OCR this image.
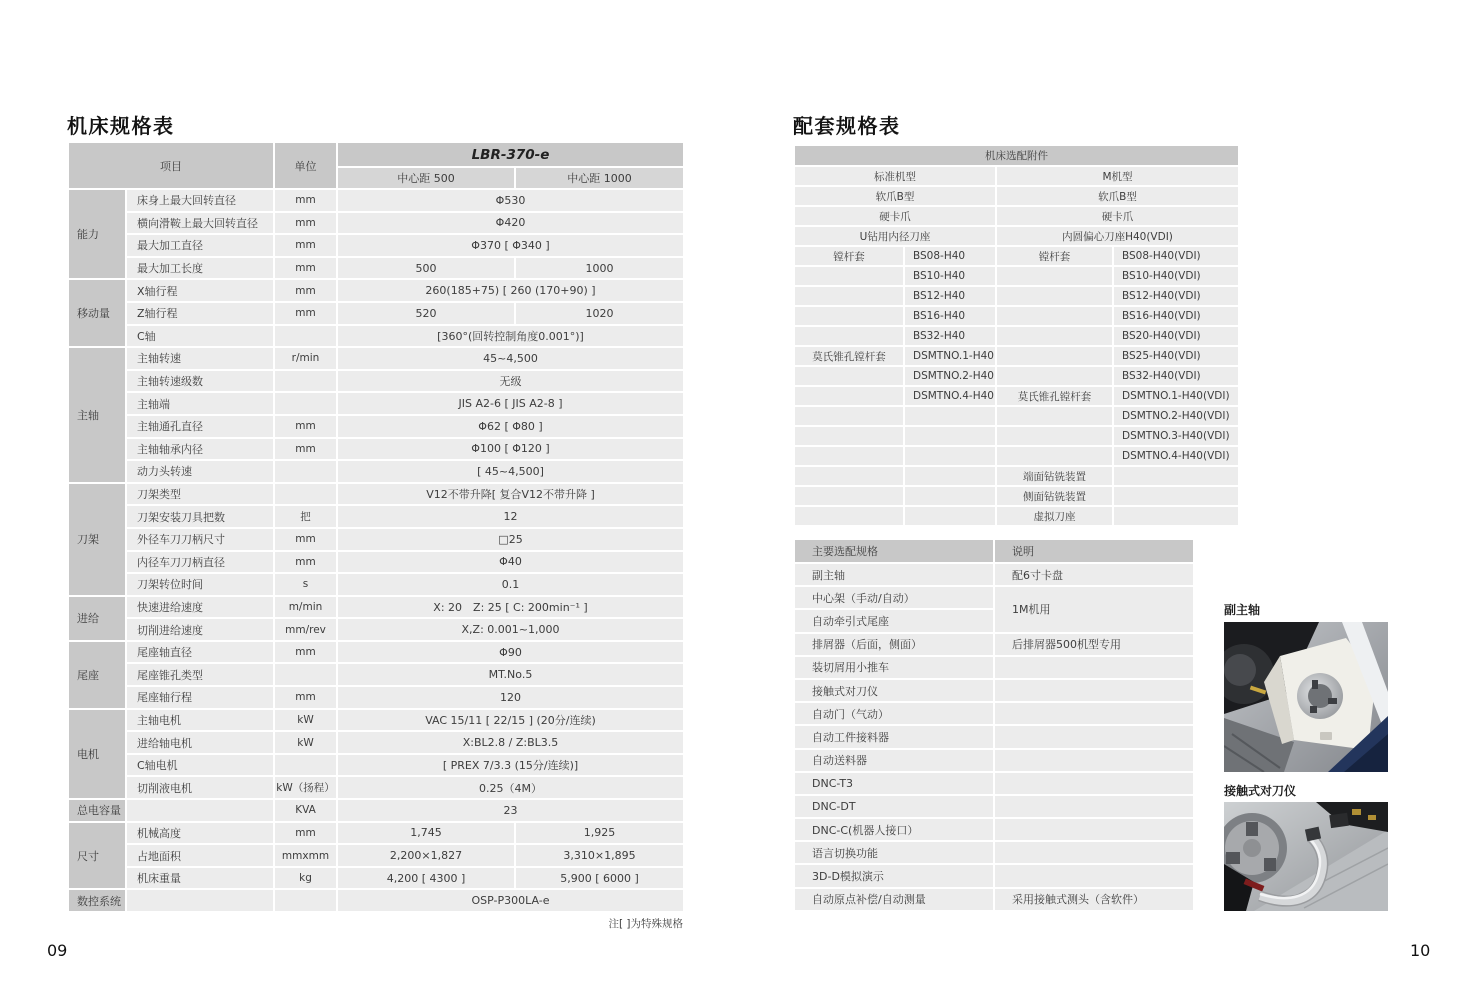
机床规格表
项目		单位	LBR-370-e	
			中心距 500	中心距 1000
能力	床身上最大回转直径	mm	Φ530	
	横向滑鞍上最大回转直径	mm	Φ420	
	最大加工直径	mm	Φ370 [ Φ340 ]	
	最大加工长度	mm	500	1000
移动量	X轴行程	mm	260(185+75) [ 260 (170+90) ]	
	Z轴行程	mm	520	1020
	C轴		[360°(回转控制角度0.001°)]	
主轴	主轴转速	r/min	45~4,500	
	主轴转速级数		无级	
	主轴端		JIS A2-6 [ JIS A2-8 ]	
	主轴通孔直径	mm	Φ62 [ Φ80 ]	
	主轴轴承内径	mm	Φ100 [ Φ120 ]	
	动力头转速		[ 45~4,500]	
刀架	刀架类型		V12不带升降[ 复合V12不带升降 ]	
	刀架安装刀具把数	把	12	
	外径车刀刀柄尺寸	mm	□25	
	内径车刀刀柄直径	mm	Φ40	
	刀架转位时间	s	0.1	
进给	快速进给速度	m/min	X: 20　Z: 25 [ C: 200min⁻¹ ]	
	切削进给速度	mm/rev	X,Z: 0.001~1,000	
尾座	尾座轴直径	mm	Φ90	
	尾座锥孔类型		MT.No.5	
	尾座轴行程	mm	120	
电机	主轴电机	kW	VAC 15/11 [ 22/15 ] (20分/连续)	
	进给轴电机	kW	X:BL2.8 / Z:BL3.5	
	C轴电机		[ PREX 7/3.3 (15分/连续)]	
	切削液电机	kW（扬程）	0.25（4M）	
总电容量		KVA	23	
尺寸	机械高度	mm	1,745	1,925
	占地面积	mmxmm	2,200×1,827	3,310×1,895
	机床重量	kg	4,200 [ 4300 ]	5,900 [ 6000 ]
数控系统			OSP-P300LA-e	
注[ ]为特殊规格
配套规格表
机床选配附件			
标准机型		M机型	
软爪B型		软爪B型	
硬卡爪		硬卡爪	
U钻用内径刀座		内圆偏心刀座H40(VDI)	
镗杆套	BS08-H40	镗杆套	BS08-H40(VDI)
	BS10-H40		BS10-H40(VDI)
	BS12-H40		BS12-H40(VDI)
	BS16-H40		BS16-H40(VDI)
	BS32-H40		BS20-H40(VDI)
莫氏锥孔镗杆套	DSMTNO.1-H40		BS25-H40(VDI)
	DSMTNO.2-H40		BS32-H40(VDI)
	DSMTNO.4-H40	莫氏锥孔镗杆套	DSMTNO.1-H40(VDI)
			DSMTNO.2-H40(VDI)
			DSMTNO.3-H40(VDI)
			DSMTNO.4-H40(VDI)
		端面钻铣装置	
		侧面钻铣装置	
		虚拟刀座	
主要选配规格	说明
副主轴	配6寸卡盘
中心架（手动/自动）	1M机用
自动牵引式尾座	
排屑器（后面，侧面）	后排屑器500机型专用
装切屑用小推车	
接触式对刀仪	
自动门（气动）	
自动工件接料器	
自动送料器	
DNC-T3	
DNC-DT	
DNC-C(机器人接口）	
语言切换功能	
3D-D模拟演示	
自动原点补偿/自动测量	采用接触式测头（含软件）
副主轴
接触式对刀仪
09	10
